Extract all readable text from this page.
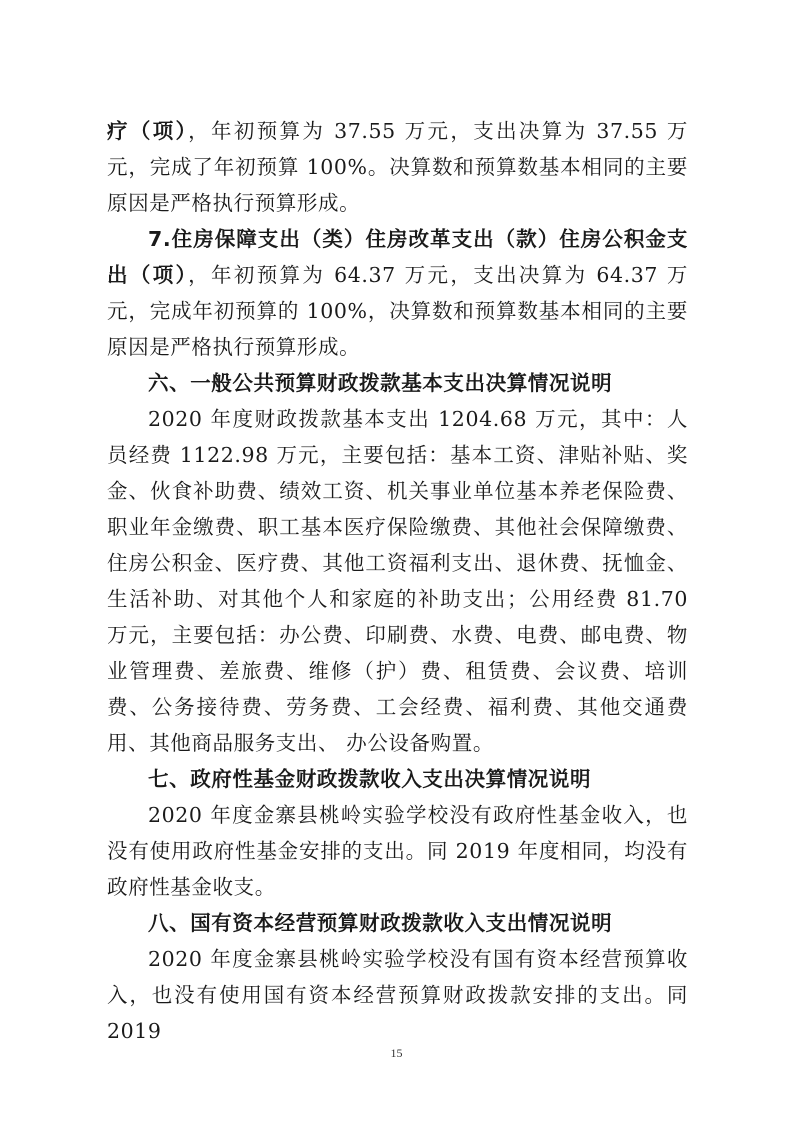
疗（项），年初预算为 37.55 万元，支出决算为 37.55 万元，完成了年初预算 100%。决算数和预算数基本相同的主要原因是严格执行预算形成。

7.住房保障支出（类）住房改革支出（款）住房公积金支出（项），年初预算为 64.37 万元，支出决算为 64.37 万元，完成年初预算的 100%，决算数和预算数基本相同的主要原因是严格执行预算形成。

六、一般公共预算财政拨款基本支出决算情况说明

2020 年度财政拨款基本支出 1204.68 万元，其中：人员经费 1122.98 万元，主要包括：基本工资、津贴补贴、奖金、伙食补助费、绩效工资、机关事业单位基本养老保险费、职业年金缴费、职工基本医疗保险缴费、其他社会保障缴费、住房公积金、医疗费、其他工资福利支出、退休费、抚恤金、生活补助、对其他个人和家庭的补助支出；公用经费 81.70 万元，主要包括：办公费、印刷费、水费、电费、邮电费、物业管理费、差旅费、维修（护）费、租赁费、会议费、培训费、公务接待费、劳务费、工会经费、福利费、其他交通费用、其他商品服务支出、 办公设备购置。

七、政府性基金财政拨款收入支出决算情况说明

2020 年度金寨县桃岭实验学校没有政府性基金收入，也没有使用政府性基金安排的支出。同 2019 年度相同，均没有政府性基金收支。

八、国有资本经营预算财政拨款收入支出情况说明

2020 年度金寨县桃岭实验学校没有国有资本经营预算收入，也没有使用国有资本经营预算财政拨款安排的支出。同 2019

15
